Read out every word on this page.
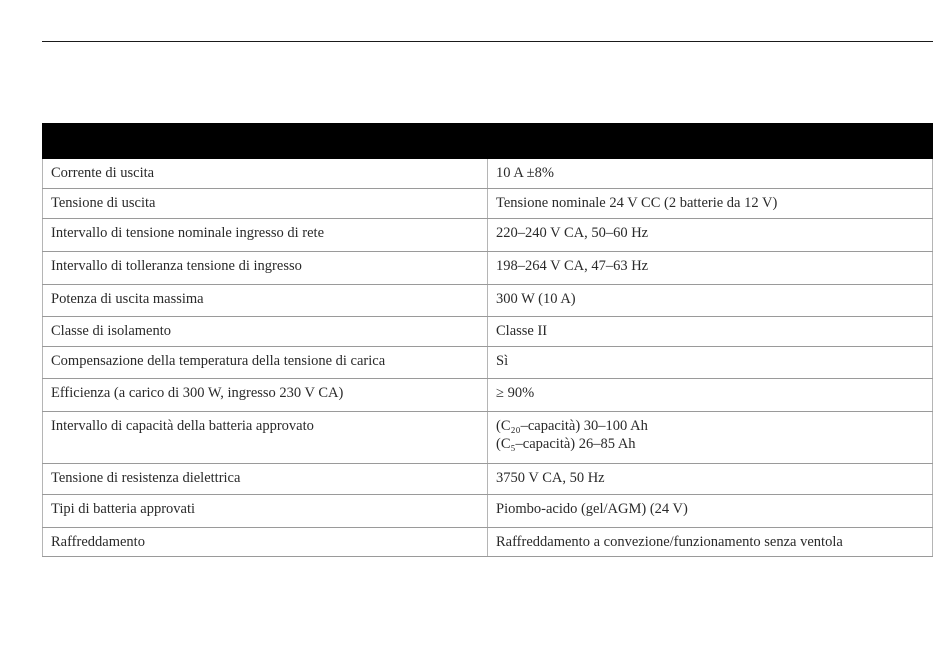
Corrente di uscita	10 A ±8%
Tensione di uscita	Tensione nominale 24 V CC (2 batterie da 12 V)
Intervallo di tensione nominale ingresso di rete	220–240 V CA, 50–60 Hz
Intervallo di tolleranza tensione di ingresso	198–264 V CA, 47–63 Hz
Potenza di uscita massima	300 W (10 A)
Classe di isolamento	Classe II
Compensazione della temperatura della tensione di carica	Sì
Efficienza (a carico di 300 W, ingresso 230 V CA)	≥ 90%
Intervallo di capacità della batteria approvato	(C₂₀–capacità) 30–100 Ah
(C₅–capacità) 26–85 Ah
Tensione di resistenza dielettrica	3750 V CA, 50 Hz
Tipi di batteria approvati	Piombo-acido (gel/AGM) (24 V)
Raffreddamento	Raffreddamento a convezione/funzionamento senza ventola
